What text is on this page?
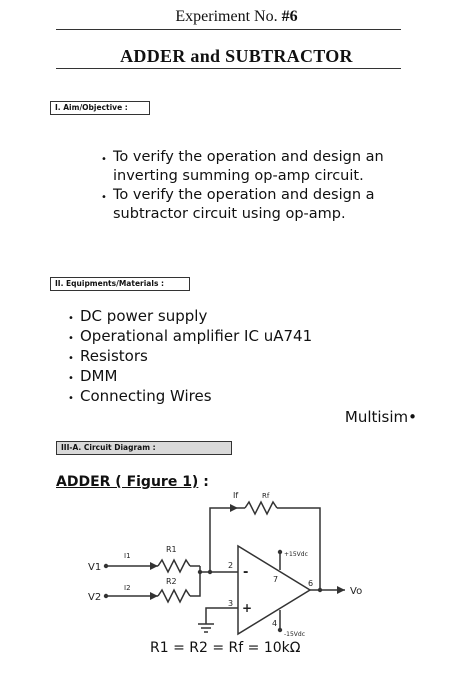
Experiment No. #6
ADDER and SUBTRACTOR
I. Aim/Objective :
• To verify the operation and design an inverting summing op-amp circuit.
• To verify the operation and design a subtractor circuit using op-amp.
II. Equipments/Materials :
• DC power supply
• Operational amplifier IC uA741
• Resistors
• DMM
• Connecting Wires
Multisim•
III-A. Circuit Diagram :
ADDER ( Figure 1) :
If	Rf
I1
I2
R1
R2
V1
V2
Vo
2
3
4
6
7
-
+
+15Vdc
-15Vdc
R1 = R2 = Rf = 10kΩ
